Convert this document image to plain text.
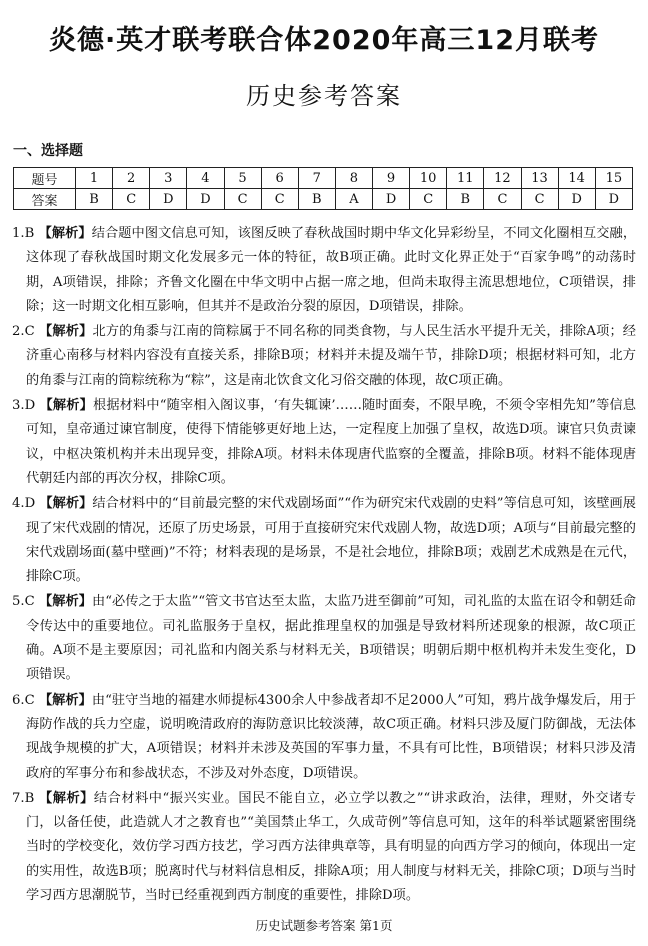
炎德·英才联考联合体2020年高三12月联考
历史参考答案
一、选择题
题号	1	2	3	4	5	6	7	8	9	10	11	12	13	14	15
答案	B	C	D	D	C	C	B	A	D	C	B	C	C	D	D
1.B 【解析】结合题中图文信息可知，该图反映了春秋战国时期中华文化异彩纷呈，不同文化圈相互交融，这体现了春秋战国时期文化发展多元一体的特征，故B项正确。此时文化界正处于“百家争鸣”的动荡时期，A项错误，排除；齐鲁文化圈在中华文明中占据一席之地，但尚未取得主流思想地位，C项错误，排除；这一时期文化相互影响，但其并不是政治分裂的原因，D项错误，排除。
2.C 【解析】北方的角黍与江南的筒粽属于不同名称的同类食物，与人民生活水平提升无关，排除A项；经济重心南移与材料内容没有直接关系，排除B项；材料并未提及端午节，排除D项；根据材料可知，北方的角黍与江南的筒粽统称为“粽”，这是南北饮食文化习俗交融的体现，故C项正确。
3.D 【解析】根据材料中“随宰相入阁议事，‘有失辄谏’……随时面奏，不限早晚，不须令宰相先知”等信息可知，皇帝通过谏官制度，使得下情能够更好地上达，一定程度上加强了皇权，故选D项。谏官只负责谏议，中枢决策机构并未出现异变，排除A项。材料未体现唐代监察的全覆盖，排除B项。材料不能体现唐代朝廷内部的再次分权，排除C项。
4.D 【解析】结合材料中的“目前最完整的宋代戏剧场面”“作为研究宋代戏剧的史料”等信息可知，该壁画展现了宋代戏剧的情况，还原了历史场景，可用于直接研究宋代戏剧人物，故选D项；A项与“目前最完整的宋代戏剧场面(墓中壁画)”不符；材料表现的是场景，不是社会地位，排除B项；戏剧艺术成熟是在元代，排除C项。
5.C 【解析】由“必传之于太监”“管文书官达至太监，太监乃进至御前”可知，司礼监的太监在诏令和朝廷命令传达中的重要地位。司礼监服务于皇权，据此推理皇权的加强是导致材料所述现象的根源，故C项正确。A项不是主要原因；司礼监和内阁关系与材料无关，B项错误；明朝后期中枢机构并未发生变化，D项错误。
6.C 【解析】由“驻守当地的福建水师提标4300余人中参战者却不足2000人”可知，鸦片战争爆发后，用于海防作战的兵力空虚，说明晚清政府的海防意识比较淡薄，故C项正确。材料只涉及厦门防御战，无法体现战争规模的扩大，A项错误；材料并未涉及英国的军事力量，不具有可比性，B项错误；材料只涉及清政府的军事分布和参战状态，不涉及对外态度，D项错误。
7.B 【解析】结合材料中“振兴实业。国民不能自立，必立学以教之”“讲求政治，法律，理财，外交诸专门，以备任使，此造就人才之教育也”“美国禁止华工，久成苛例”等信息可知，这年的科举试题紧密围绕当时的学校变化，效仿学习西方技艺，学习西方法律典章等，具有明显的向西方学习的倾向，体现出一定的实用性，故选B项；脱离时代与材料信息相反，排除A项；用人制度与材料无关，排除C项；D项与当时学习西方思潮脱节，当时已经重视到西方制度的重要性，排除D项。
历史试题参考答案 第1页
